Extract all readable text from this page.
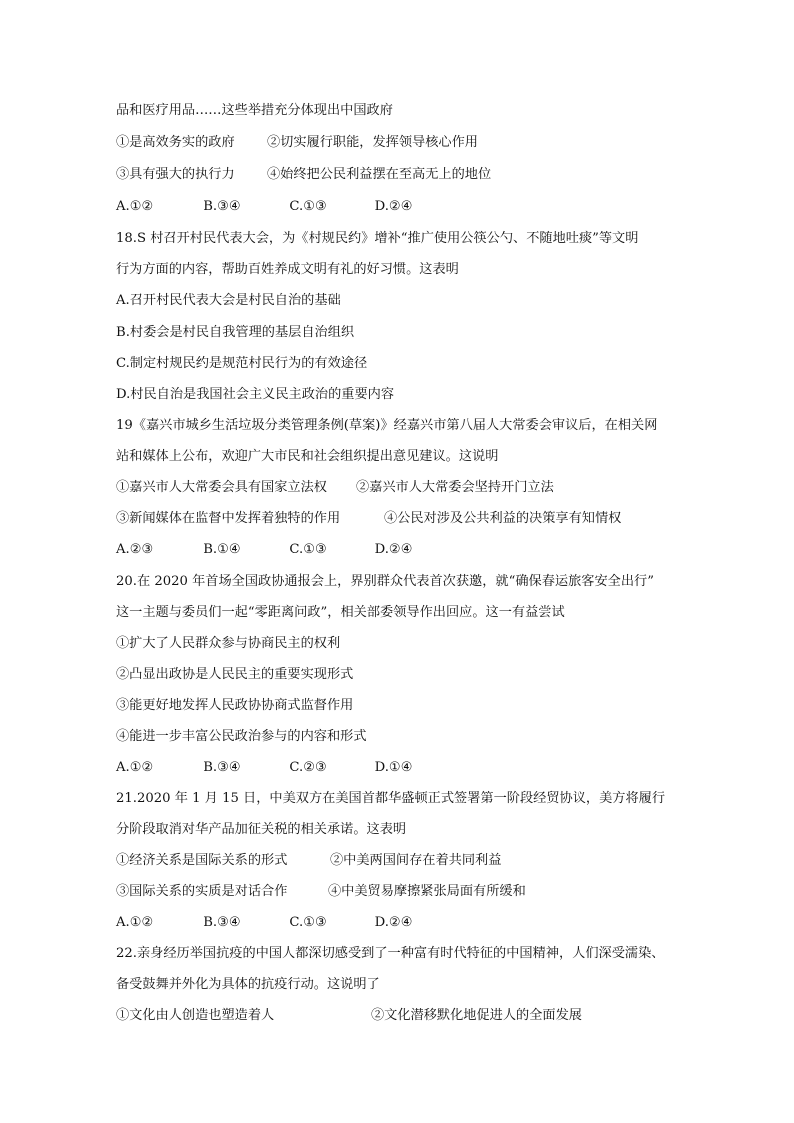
品和医疗用品……这些举措充分体现出中国政府
①是高效务实的政府 ②切实履行职能，发挥领导核心作用
③具有强大的执行力 ④始终把公民利益摆在至高无上的地位
A.①②	B.③④	C.①③	D.②④
18.S 村召开村民代表大会，为《村规民约》增补“推广使用公筷公勺、不随地吐痰”等文明
行为方面的内容，帮助百姓养成文明有礼的好习惯。这表明
A.召开村民代表大会是村民自治的基础
B.村委会是村民自我管理的基层自治组织
C.制定村规民约是规范村民行为的有效途径
D.村民自治是我国社会主义民主政治的重要内容
19《嘉兴市城乡生活垃圾分类管理条例(草案)》经嘉兴市第八届人大常委会审议后，在相关网
站和媒体上公布，欢迎广大市民和社会组织提出意见建议。这说明
①嘉兴市人大常委会具有国家立法权 ②嘉兴市人大常委会坚持开门立法
③新闻媒体在监督中发挥着独特的作用	④公民对涉及公共利益的决策享有知情权
A.②③	B.①④	C.①③	D.②④
20.在 2020 年首场全国政协通报会上，界别群众代表首次获邀，就“确保春运旅客安全出行”
这一主题与委员们一起“零距离问政”，相关部委领导作出回应。这一有益尝试
①扩大了人民群众参与协商民主的权利
②凸显出政协是人民民主的重要实现形式
③能更好地发挥人民政协协商式监督作用
④能进一步丰富公民政治参与的内容和形式
A.①②	B.③④	C.②③	D.①④
21.2020 年 1 月 15 日，中美双方在美国首都华盛顿正式签署第一阶段经贸协议，美方将履行
分阶段取消对华产品加征关税的相关承诺。这表明
①经济关系是国际关系的形式	②中美两国间存在着共同利益
③国际关系的实质是对话合作	④中美贸易摩擦紧张局面有所缓和
A.①②	B.③④	C.①③	D.②④
22.亲身经历举国抗疫的中国人都深切感受到了一种富有时代特征的中国精神，人们深受濡染、
备受鼓舞并外化为具体的抗疫行动。这说明了
①文化由人创造也塑造着人	②文化潜移默化地促进人的全面发展
